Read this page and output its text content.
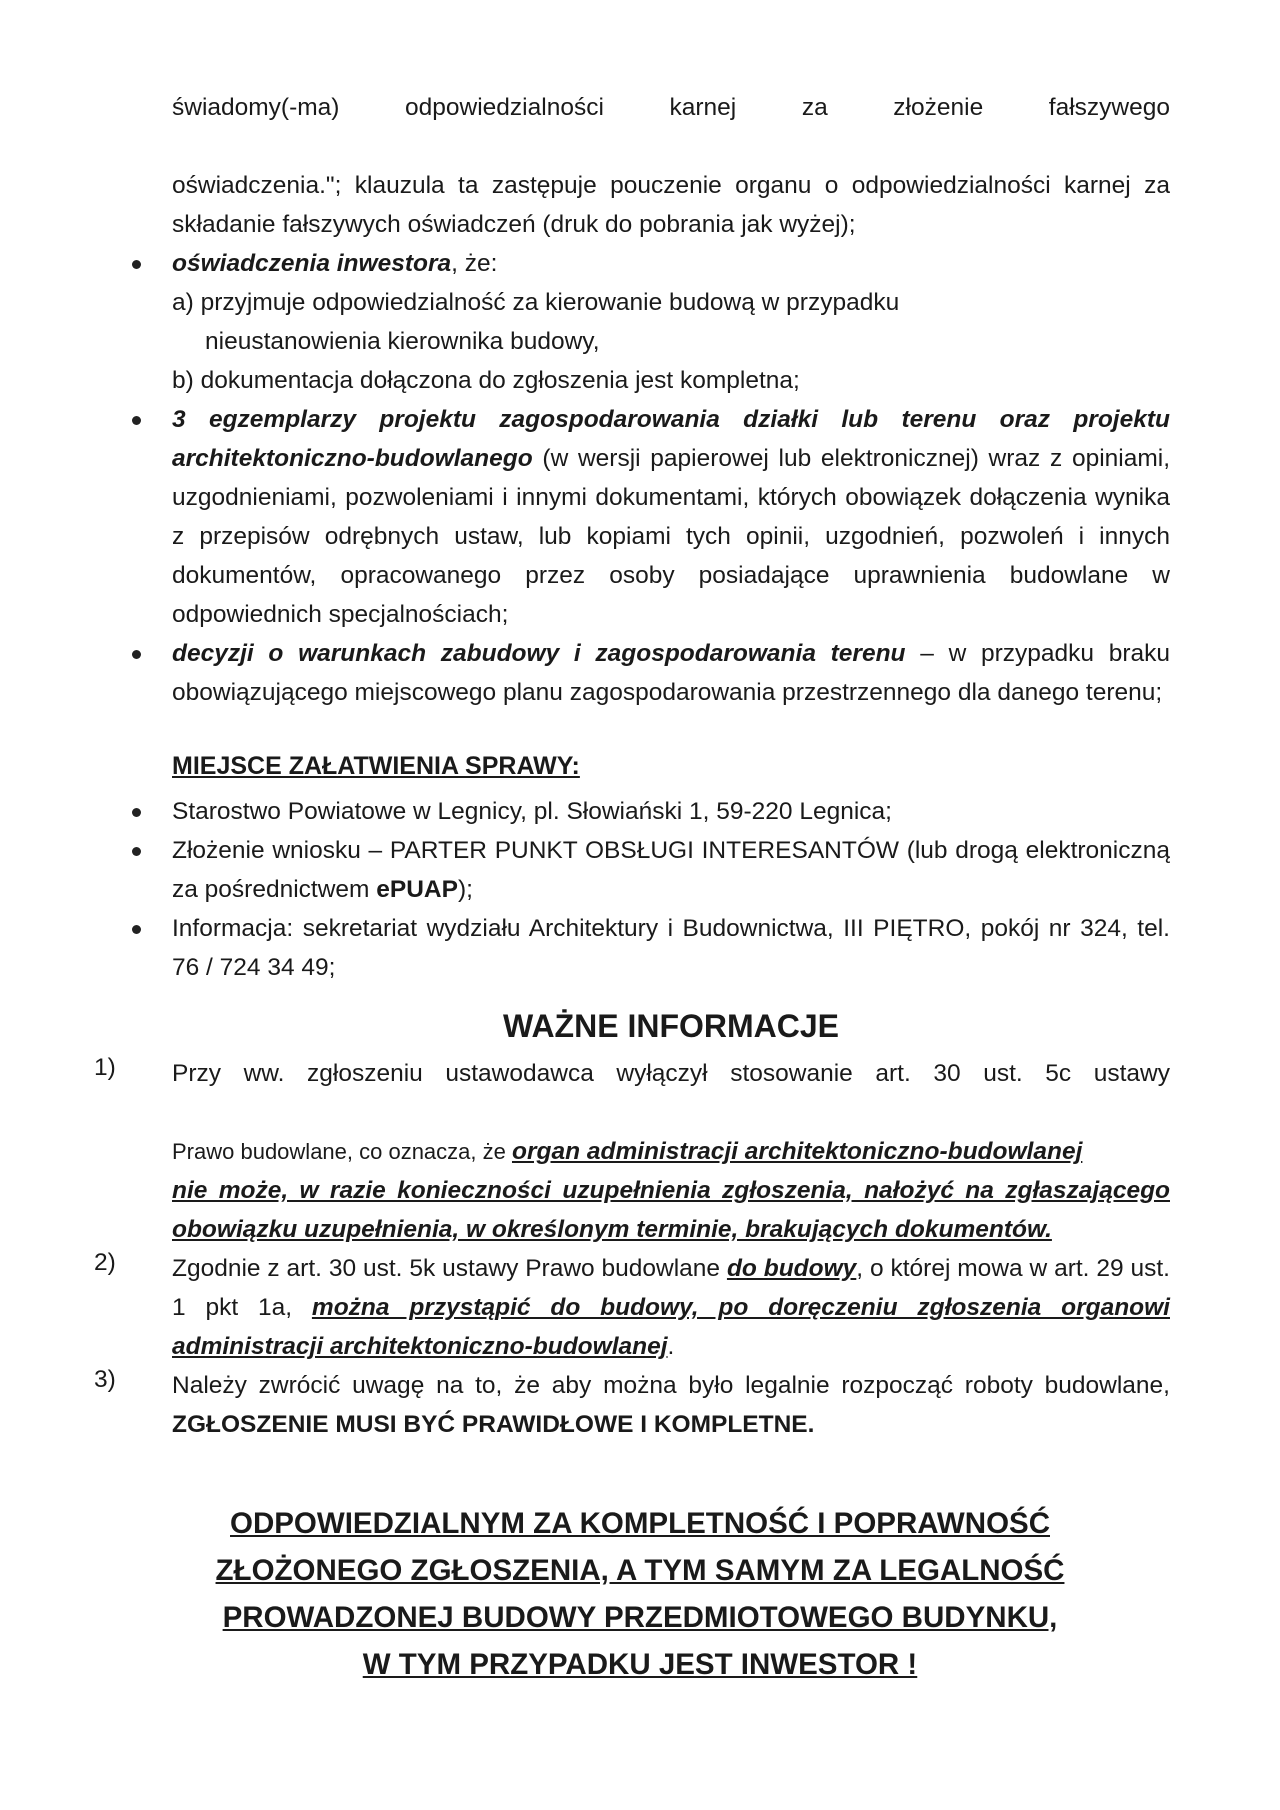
świadomy(-ma) odpowiedzialności karnej za złożenie fałszywego

oświadczenia."; klauzula ta zastępuje pouczenie organu o odpowiedzialności karnej za składanie fałszywych oświadczeń (druk do pobrania jak wyżej);

oświadczenia inwestora, że:

a) przyjmuje odpowiedzialność za kierowanie budową w przypadku

nieustanowienia kierownika budowy,

b) dokumentacja dołączona do zgłoszenia jest kompletna;

3 egzemplarzy projektu zagospodarowania działki lub terenu oraz projektu architektoniczno-budowlanego (w wersji papierowej lub elektronicznej) wraz z opiniami, uzgodnieniami, pozwoleniami i innymi dokumentami, których obowiązek dołączenia wynika z przepisów odrębnych ustaw, lub kopiami tych opinii, uzgodnień, pozwoleń i innych dokumentów, opracowanego przez osoby posiadające uprawnienia budowlane w odpowiednich specjalnościach;

decyzji o warunkach zabudowy i zagospodarowania terenu – w przypadku braku obowiązującego miejscowego planu zagospodarowania przestrzennego dla danego terenu;

MIEJSCE ZAŁATWIENIA SPRAWY:

Starostwo Powiatowe w Legnicy, pl. Słowiański 1, 59-220 Legnica;

Złożenie wniosku – PARTER PUNKT OBSŁUGI INTERESANTÓW (lub drogą elektroniczną za pośrednictwem ePUAP);

Informacja: sekretariat wydziału Architektury i Budownictwa, III PIĘTRO, pokój nr 324, tel. 76 / 724 34 49;

WAŻNE INFORMACJE
1) Przy ww. zgłoszeniu ustawodawca wyłączył stosowanie art. 30 ust. 5c ustawy

Prawo budowlane, co oznacza, że organ administracji architektoniczno-budowlanej

nie może, w razie konieczności uzupełnienia zgłoszenia, nałożyć na zgłaszającego obowiązku uzupełnienia, w określonym terminie, brakujących dokumentów.

2) Zgodnie z art. 30 ust. 5k ustawy Prawo budowlane do budowy, o której mowa w art. 29 ust. 1 pkt 1a, można przystąpić do budowy, po doręczeniu zgłoszenia organowi administracji architektoniczno-budowlanej.

3) Należy zwrócić uwagę na to, że aby można było legalnie rozpocząć roboty budowlane, ZGŁOSZENIE MUSI BYĆ PRAWIDŁOWE I KOMPLETNE.

ODPOWIEDZIALNYM ZA KOMPLETNOŚĆ I POPRAWNOŚĆ
ZŁOŻONEGO ZGŁOSZENIA, A TYM SAMYM ZA LEGALNOŚĆ
PROWADZONEJ BUDOWY PRZEDMIOTOWEGO BUDYNKU,
W TYM PRZYPADKU JEST INWESTOR !
